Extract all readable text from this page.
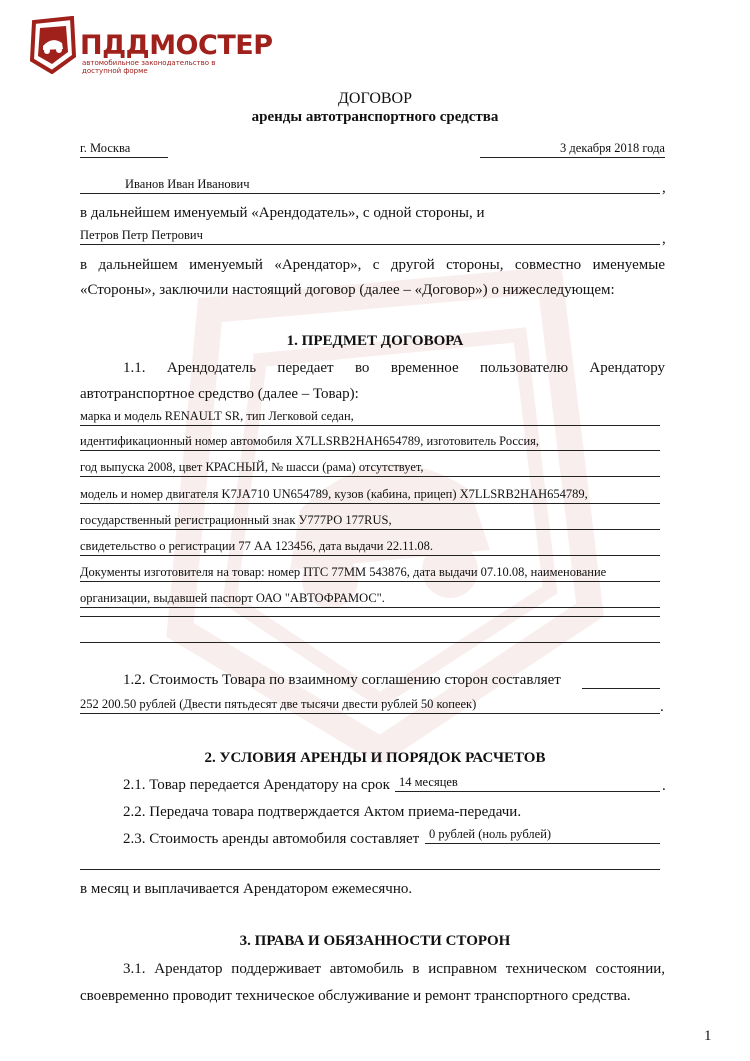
ПДДМОСТЕР
автомобильное законодательство в доступной форме
ДОГОВОР
аренды автотранспортного средства
г. Москва	3 декабря 2018 года
Иванов Иван Иванович	,
в дальнейшем именуемый «Арендодатель», с одной стороны, и
Петров Петр Петрович	,
в дальнейшем именуемый «Арендатор», с другой стороны, совместно именуемые
«Стороны», заключили настоящий договор (далее – «Договор») о нижеследующем:
1. ПРЕДМЕТ ДОГОВОРА
1.1. Арендодатель передает во временное пользователю Арендатору
автотранспортное средство (далее – Товар):
марка и модель RENAULT SR, тип Легковой седан,
идентификационный номер автомобиля X7LLSRB2HAH654789, изготовитель Россия,
год выпуска 2008, цвет КРАСНЫЙ, № шасси (рама) отсутствует,
модель и номер двигателя K7JA710 UN654789, кузов (кабина, прицеп) X7LLSRB2HAH654789,
государственный регистрационный знак У777РО 177RUS,
свидетельство о регистрации 77 АА 123456, дата выдачи 22.11.08.
Документы изготовителя на товар: номер ПТС 77ММ 543876, дата выдачи 07.10.08, наименование
организации, выдавшей паспорт ОАО "АВТОФРАМОС".
1.2. Стоимость Товара по взаимному соглашению сторон составляет
252 200.50 рублей (Двести пятьдесят две тысячи двести рублей 50 копеек)	.
2. УСЛОВИЯ АРЕНДЫ И ПОРЯДОК РАСЧЕТОВ
2.1. Товар передается Арендатору на срок 14 месяцев	.
2.2. Передача товара подтверждается Актом приема-передачи.
2.3. Стоимость аренды автомобиля составляет 0 рублей (ноль рублей)
в месяц и выплачивается Арендатором ежемесячно.
3. ПРАВА И ОБЯЗАННОСТИ СТОРОН
3.1. Арендатор поддерживает автомобиль в исправном техническом состоянии,
своевременно проводит техническое обслуживание и ремонт транспортного средства.
1
